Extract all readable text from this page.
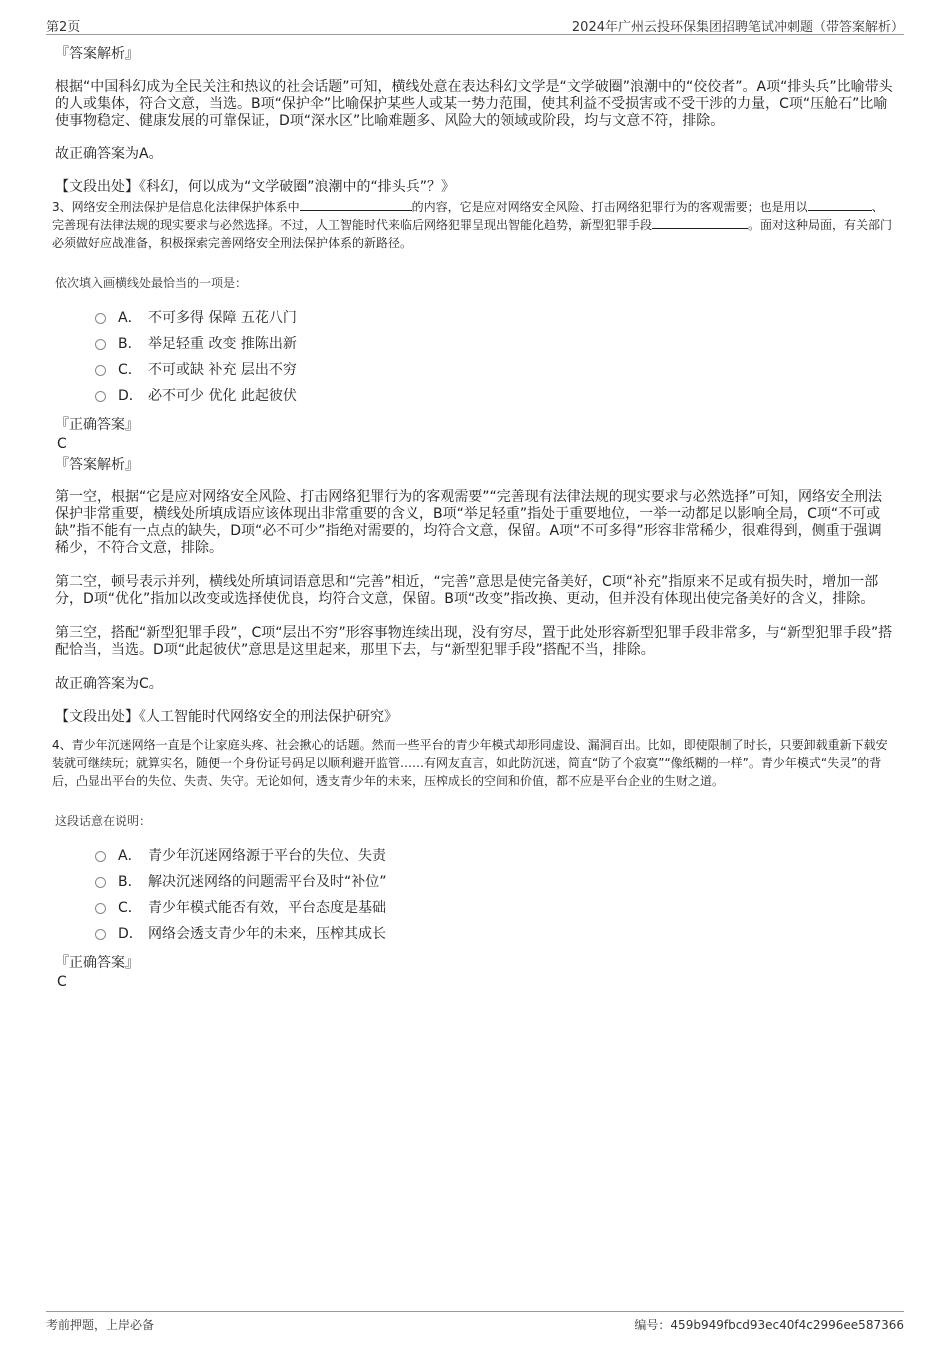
第2页	2024年广州云投环保集团招聘笔试冲刺题（带答案解析）

『答案解析』

根据“中国科幻成为全民关注和热议的社会话题”可知，横线处意在表达科幻文学是“文学破圈”浪潮中的“佼佼者”。A项“排头兵”比喻带头的人或集体，符合文意，当选。B项“保护伞”比喻保护某些人或某一势力范围，使其利益不受损害或不受干涉的力量，C项“压舱石”比喻使事物稳定、健康发展的可靠保证，D项“深水区”比喻难题多、风险大的领域或阶段，均与文意不符，排除。

故正确答案为A。

【文段出处】《科幻，何以成为“文学破圈”浪潮中的“排头兵”？》

3、网络安全刑法保护是信息化法律保护体系中	的内容，它是应对网络安全风险、打击网络犯罪行为的客观需要；也是用以	、完善现有法律法规的现实要求与必然选择。不过，人工智能时代来临后网络犯罪呈现出智能化趋势，新型犯罪手段	。面对这种局面，有关部门必须做好应战准备，积极探索完善网络安全刑法保护体系的新路径。

依次填入画横线处最恰当的一项是：

A． 不可多得 保障 五花八门
B． 举足轻重 改变 推陈出新
C． 不可或缺 补充 层出不穷
D． 必不可少 优化 此起彼伏

『正确答案』

C

『答案解析』

第一空，根据“它是应对网络安全风险、打击网络犯罪行为的客观需要”“完善现有法律法规的现实要求与必然选择”可知，网络安全刑法保护非常重要，横线处所填成语应该体现出非常重要的含义，B项“举足轻重”指处于重要地位，一举一动都足以影响全局，C项“不可或缺”指不能有一点点的缺失，D项“必不可少”指绝对需要的，均符合文意，保留。A项“不可多得”形容非常稀少，很难得到，侧重于强调稀少，不符合文意，排除。

第二空，顿号表示并列，横线处所填词语意思和“完善”相近，“完善”意思是使完备美好，C项“补充”指原来不足或有损失时，增加一部分，D项“优化”指加以改变或选择使优良，均符合文意，保留。B项“改变”指改换、更动，但并没有体现出使完备美好的含义，排除。

第三空，搭配“新型犯罪手段”，C项“层出不穷”形容事物连续出现，没有穷尽，置于此处形容新型犯罪手段非常多，与“新型犯罪手段”搭配恰当，当选。D项“此起彼伏”意思是这里起来，那里下去，与“新型犯罪手段”搭配不当，排除。

故正确答案为C。

【文段出处】《人工智能时代网络安全的刑法保护研究》

4、青少年沉迷网络一直是个让家庭头疼、社会揪心的话题。然而一些平台的青少年模式却形同虚设、漏洞百出。比如，即使限制了时长，只要卸载重新下载安装就可继续玩；就算实名，随便一个身份证号码足以顺利避开监管……有网友直言，如此防沉迷，简直“防了个寂寞”“像纸糊的一样”。青少年模式“失灵”的背后，凸显出平台的失位、失责、失守。无论如何，透支青少年的未来，压榨成长的空间和价值，都不应是平台企业的生财之道。

这段话意在说明：

A． 青少年沉迷网络源于平台的失位、失责
B． 解决沉迷网络的问题需平台及时“补位”
C． 青少年模式能否有效，平台态度是基础
D． 网络会透支青少年的未来，压榨其成长

『正确答案』

C

考前押题，上岸必备	编号：459b949fbcd93ec40f4c2996ee587366
